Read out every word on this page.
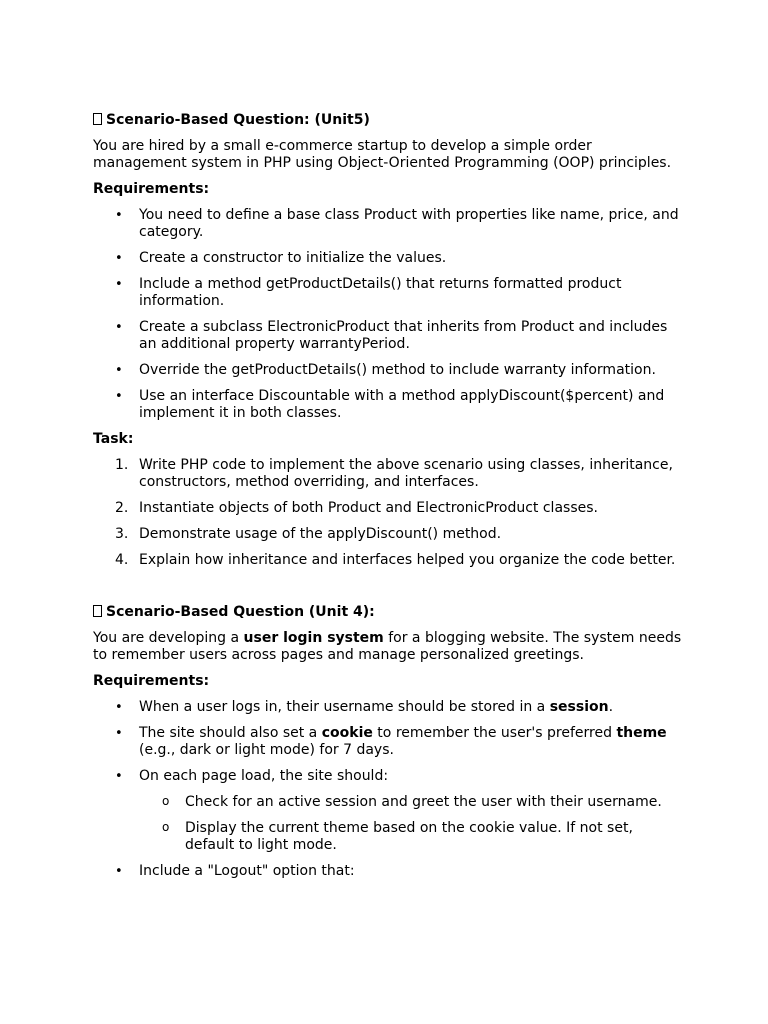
Scenario-Based Question: (Unit5)
You are hired by a small e-commerce startup to develop a simple order management system in PHP using Object-Oriented Programming (OOP) principles.
Requirements:
• You need to define a base class Product with properties like name, price, and category.
• Create a constructor to initialize the values.
• Include a method getProductDetails() that returns formatted product information.
• Create a subclass ElectronicProduct that inherits from Product and includes an additional property warrantyPeriod.
• Override the getProductDetails() method to include warranty information.
• Use an interface Discountable with a method applyDiscount($percent) and implement it in both classes.
Task:
1. Write PHP code to implement the above scenario using classes, inheritance, constructors, method overriding, and interfaces.
2. Instantiate objects of both Product and ElectronicProduct classes.
3. Demonstrate usage of the applyDiscount() method.
4. Explain how inheritance and interfaces helped you organize the code better.
Scenario-Based Question (Unit 4):
You are developing a user login system for a blogging website. The system needs to remember users across pages and manage personalized greetings.
Requirements:
• When a user logs in, their username should be stored in a session.
• The site should also set a cookie to remember the user's preferred theme (e.g., dark or light mode) for 7 days.
• On each page load, the site should:
o	Check for an active session and greet the user with their username.
o	Display the current theme based on the cookie value. If not set, default to light mode.
• Include a "Logout" option that:
